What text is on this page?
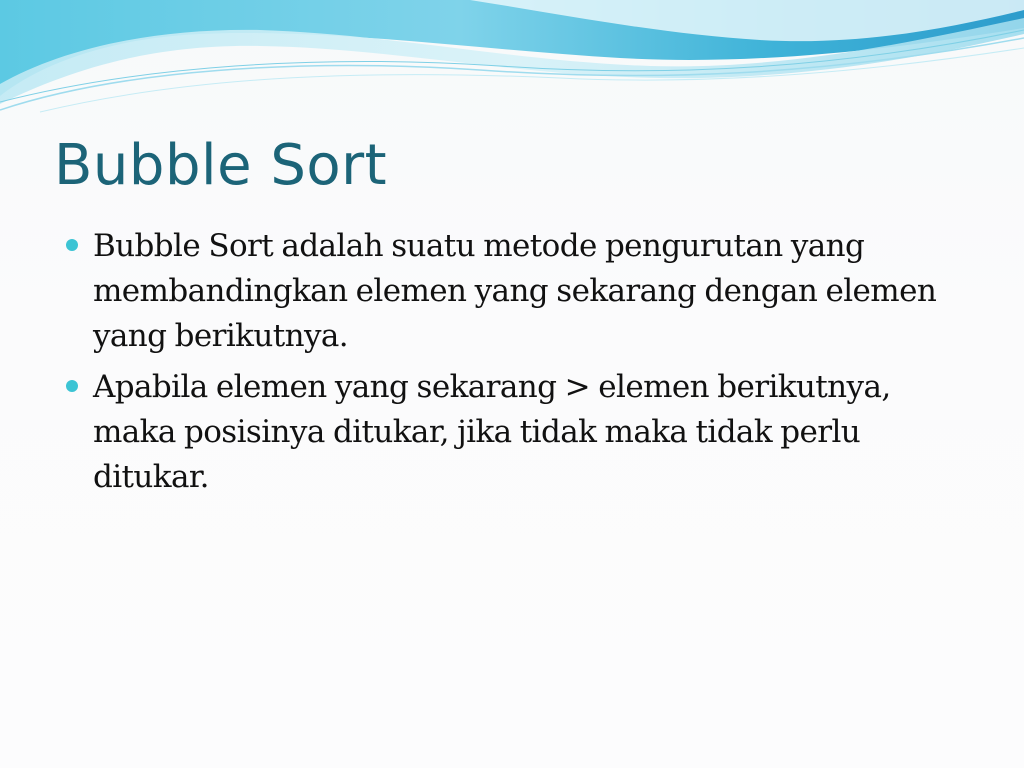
Bubble Sort
Bubble Sort adalah suatu metode pengurutan yang membandingkan elemen yang sekarang dengan elemen yang berikutnya.
Apabila elemen yang sekarang > elemen berikutnya, maka posisinya ditukar, jika tidak maka tidak perlu ditukar.
